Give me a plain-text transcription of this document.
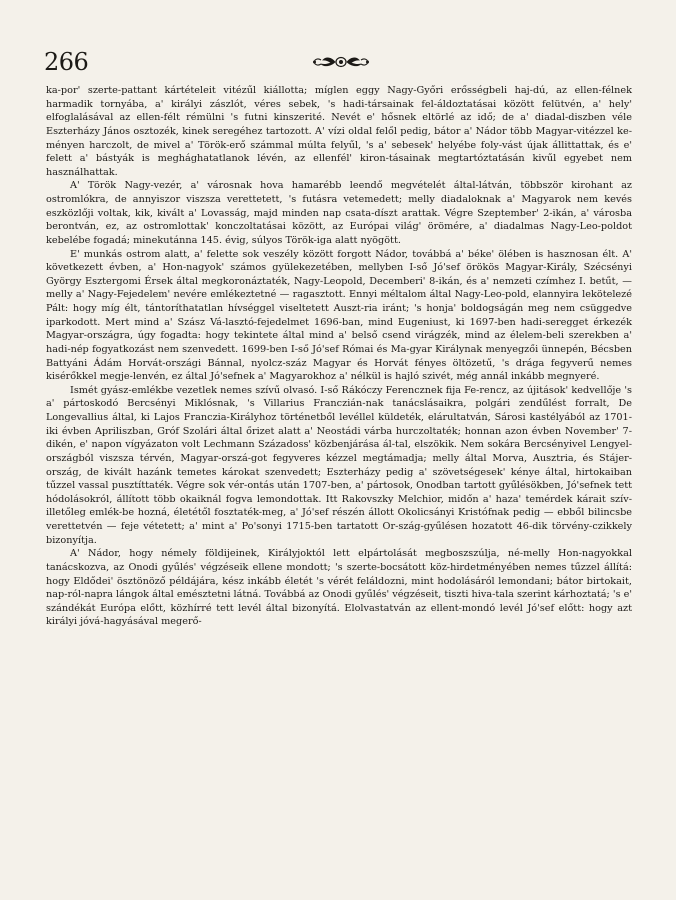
266

ka-por' szerte-pattant kártételeit vitézűl kiállotta; míglen eggy Nagy-Győri erősségbeli haj-dú, az ellen-félnek harmadik tornyába, a' királyi zászlót, véres sebek, 's hadi-társainak fel-áldoztatásai között felütvén, a' hely' elfoglalásával az ellen-félt rémülni 's futni kinszerité. Nevét e' hősnek eltörlé az idő; de a' diadal-diszben véle Eszterházy János osztozék, kinek seregéhez tartozott. A' vízi oldal felől pedig, bátor a' Nádor több Magyar-vitézzel ke-ményen harczolt, de mivel a' Török-erő számmal múlta felyűl, 's a' sebesek' helyébe foly-vást újak állittattak, és e' felett a' bástyák is meghághatatlanok lévén, az ellenfél' kiron-tásainak megtartóztatásán kivűl egyebet nem használhattak.

A' Török Nagy-vezér, a' városnak hova hamarébb leendő megvételét által-látván, többször kirohant az ostromlókra, de annyiszor viszsza verettetett, 's futásra vetemedett; melly diadaloknak a' Magyarok nem kevés eszközlőji voltak, kik, kivált a' Lovasság, majd minden nap csata-díszt arattak. Végre Szeptember' 2-ikán, a' városba berontván, ez, az ostromlottak' konczoltatásai között, az Európai világ' örömére, a' diadalmas Nagy-Leo-poldot kebelébe fogadá; minekutánna 145. évig, súlyos Török-iga alatt nyögött.

E' munkás ostrom alatt, a' felette sok veszély között forgott Nádor, továbbá a' béke' ölében is hasznosan élt. A' következett évben, a' Hon-nagyok' számos gyülekezetében, mellyben I-ső Jó'sef örökös Magyar-Király, Szécsényi György Esztergomi Érsek által megkoronáztaték, Nagy-Leopold, Decemberi' 8-ikán, és a' nemzeti czímhez I. betűt, — melly a' Nagy-Fejedelem' nevére emlékeztetné — ragasztott. Ennyi méltalom által Nagy-Leo-pold, elannyira lekötelezé Pált: hogy míg élt, tántoríthatatlan hívséggel viseltetett Auszt-ria iránt; 's honja' boldogságán meg nem csüggedve iparkodott. Mert mind a' Szász Vá-lasztó-fejedelmet 1696-ban, mind Eugeniust, ki 1697-ben hadi-seregget érkezék Magyar-országra, úgy fogadta: hogy tekintete által mind a' belső csend virágzék, mind az élelem-beli szerekben a' hadi-nép fogyatkozást nem szenvedett. 1699-ben I-ső Jó'sef Római és Ma-gyar Királynak menyegzői ünnepén, Bécsben Battyáni Ádám Horvát-országi Bánnal, nyolcz-száz Magyar és Horvát fényes öltözetű, 's drága fegyverű nemes kisérőkkel megje-lenvén, ez által Jó'sefnek a' Magyarokhoz a' nélkül is hajló szivét, még annál inkább megnyeré.

Ismét gyász-emlékbe vezetlek nemes szívű olvasó. I-ső Rákóczy Ferencznek fija Fe-rencz, az újitások' kedvellője 's a' pártoskodó Bercsényi Miklósnak, 's Villarius Franczián-nak tanácslásaikra, polgári zendűlést forralt, De Longevallius által, ki Lajos Franczia-Királyhoz történetből levéllel küldeték, elárultatván, Sárosi kastélyából az 1701-iki évben Apriliszban, Gróf Szolári által őrizet alatt a' Neostádi várba hurczoltaték; honnan azon évben November' 7-dikén, e' napon vígyázaton volt Lechmann Századoss' közbenjárása ál-tal, elszökik. Nem sokára Bercsényivel Lengyel-országból viszsza térvén, Magyar-orszá-got fegyveres kézzel megtámadja; melly által Morva, Ausztria, és Stájer-ország, de kivált hazánk temetes károkat szenvedett; Eszterházy pedig a' szövetségesek' kénye által, hirtokaiban tűzzel vassal pusztíttaték. Végre sok vér-ontás után 1707-ben, a' pártosok, Onodban tartott gyűlésökben, Jó'sefnek tett hódolásokról, állított több okaiknál fogva lemondottak. Itt Rakovszky Melchior, midőn a' haza' temérdek kárait szív-illetőleg emlék-be hozná, életétől fosztaték-meg, a' Jó'sef részén állott Okolicsányi Kristófnak pedig — ebből bilincsbe verettetvén — feje vétetett; a' mint a' Po'sonyi 1715-ben tartatott Or-szág-gyűlésen hozatott 46-dik törvény-czikkely bizonyítja.

A' Nádor, hogy némely földijeinek, Királyjoktól lett elpártolását megboszszúlja, né-melly Hon-nagyokkal tanácskozva, az Onodi gyűlés' végzéseik ellene mondott; 's szerte-bocsátott köz-hirdetményében nemes tűzzel állítá: hogy Eldődei' ösztönöző példájára, kész inkább életét 's vérét feláldozni, mint hodolásáról lemondani; bátor birtokait, nap-ról-napra lángok által emésztetni látná. Továbbá az Onodi gyűlés' végzéseit, tiszti hiva-tala szerint kárhoztatá; 's e' szándékát Európa előtt, közhírré tett levél által bizonyítá. Elolvastatván az ellent-mondó levél Jó'sef előtt: hogy azt királyi jóvá-hagyásával megerő-
